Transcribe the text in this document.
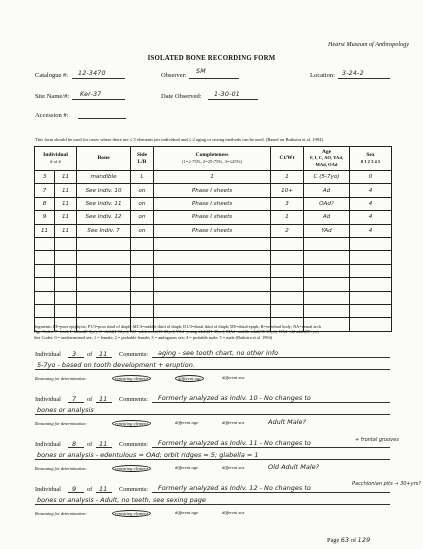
Hearst Museum of Anthropology
ISOLATED BONE RECORDING FORM
Catalogue #: 12-3470	Observer:
SM
Location: 3-24-2
Site Name/#: Ker-37	Date Observed: 1-30-01
Accession #:
This form should be used for cases where there are ≤ 5 elements per individual and ≤ 2 aging or sexing methods can be used. (Based on Buikstra et al. 1994)
Individual
# of #		Bone	Side
L/R	Completeness
(1=≥ 75%, 2=25-75%, 3=≤25%)	Ct/Wt	Age
F, I, C, AO, YAd,
MAd, OAd	Sex
0 1 2 3 4 5

3	11	mandible	L	1	1	C (5-7yo)	0
7	11	See Indiv. 10	on	Phase I sheets	10+	Ad	4
8	11	See Indiv. 11	on	Phase I sheets	3	OAd?	4
9	11	See Indiv. 12	on	Phase I sheets	1	Ad	4
11	11	See Indiv. 7	on	Phase I sheets	2	YAd	4

Segments: PE=prox epiphysis; P1/3=prox third of diaph; M1/3=middle third of diaph; D1/3=distal third of diaph; DE=distal epiph; B=vertebral body; NA=neural arch
Age Codes: F=fetal; I=infant(0-3yo); C=child(4-12yo); AO=adolescent(13-20yo); YAd=young adult(21-35yo); MAd=middle adult(36-50yo); OAd=old adult(50+yo)
Sex Codes: 0 = undetermined sex; 1 = female; 2 = probable female; 3 = ambiguous sex; 4 = probable male; 5 = male (Buikstra et al. 1994)
Individual 3 of 11 Comments: aging - see tooth chart, no other info
5-7yo - based on tooth development + eruption.
Reasoning for determination:	repeating element	different age	different sex
Individual 7 of 11 Comments: Formerly analyzed as Indiv. 10 - No changes to
bones or analysis
Reasoning for determination:	repeating element	different age	different sex	Adult Male?
Individual 8 of 11 Comments: Formerly analyzed as Indiv. 11 - No changes to
bones or analysis - edentulous = OAd; orbit ridges = 5; glabella = 1
Reasoning for determination:	repeating element	different age	different sex	Old Adult Male?
Individual 9 of 11 Comments: Formerly analyzed as Indiv. 12 - No changes to
bones or analysis - Adult, no teeth, see sexing page
Reasoning for determination:	repeating element	different age	different sex
+ frontal grooves
Pacchionian pits → 30+yrs?
Page 63 of 129
